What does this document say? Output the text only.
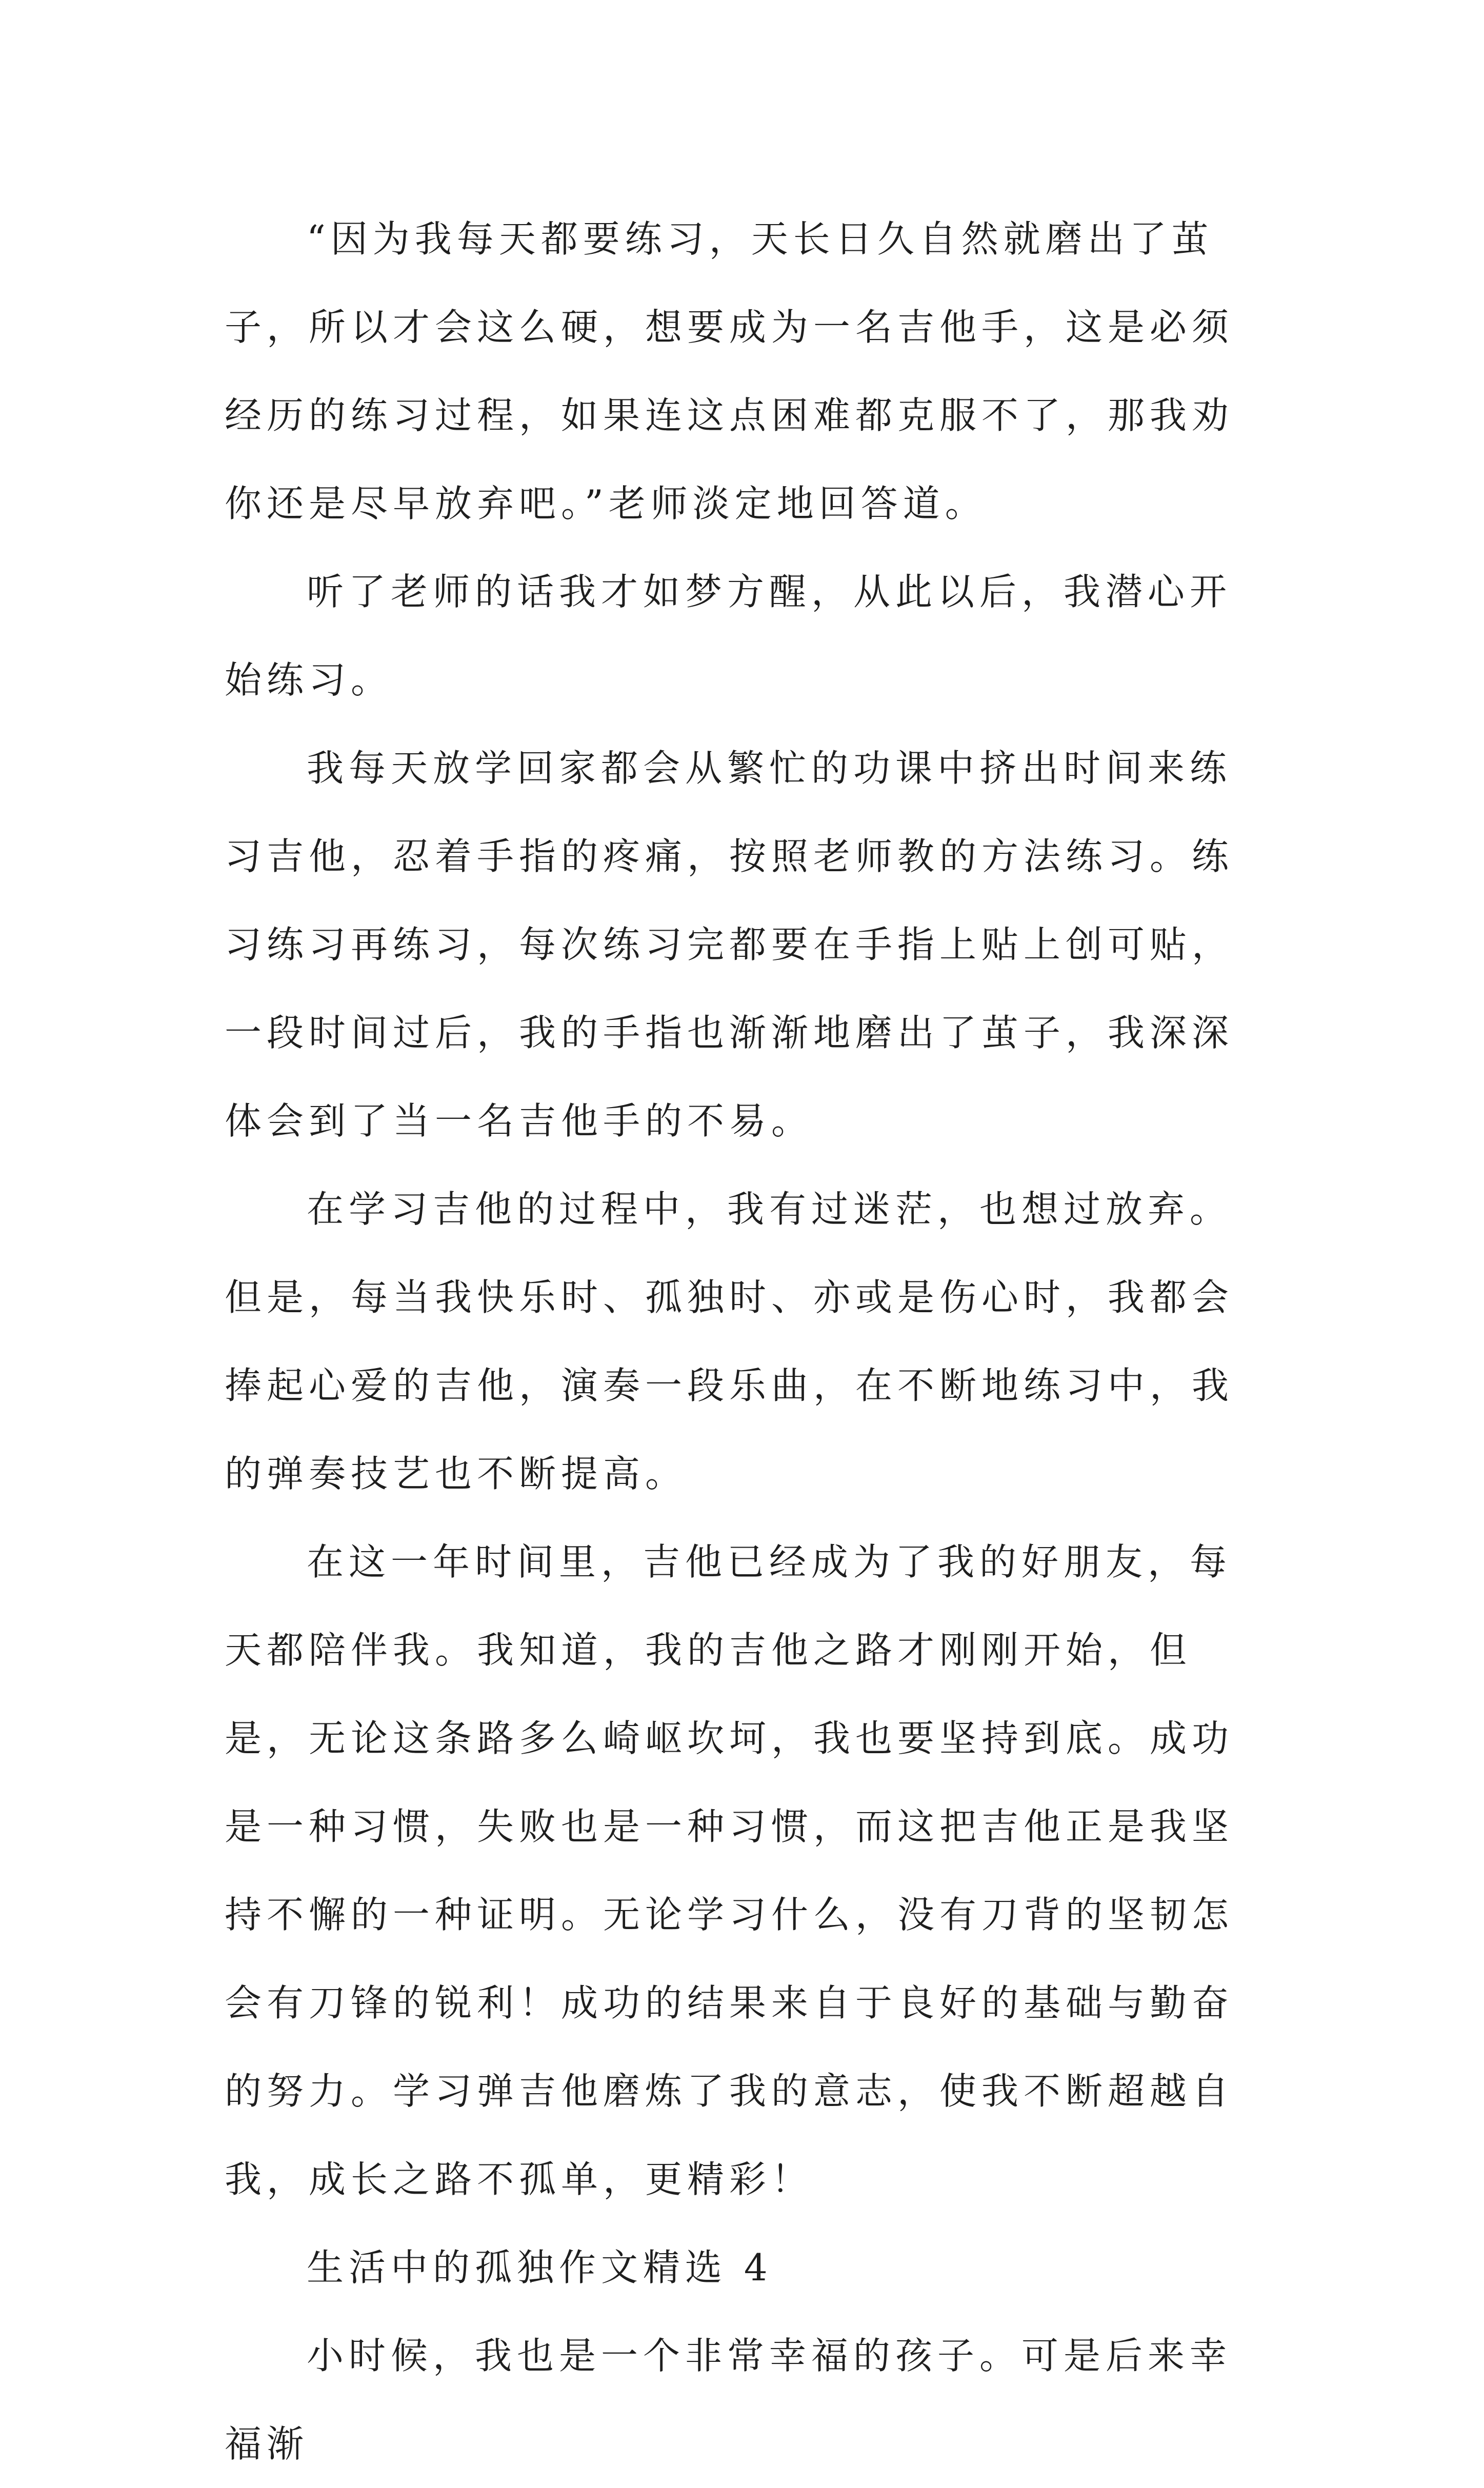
“因为我每天都要练习，天长日久自然就磨出了茧子，所以才会这么硬，想要成为一名吉他手，这是必须经历的练习过程，如果连这点困难都克服不了，那我劝你还是尽早放弃吧。”老师淡定地回答道。

听了老师的话我才如梦方醒，从此以后，我潜心开始练习。

我每天放学回家都会从繁忙的功课中挤出时间来练习吉他，忍着手指的疼痛，按照老师教的方法练习。练习练习再练习，每次练习完都要在手指上贴上创可贴，一段时间过后，我的手指也渐渐地磨出了茧子，我深深体会到了当一名吉他手的不易。

在学习吉他的过程中，我有过迷茫，也想过放弃。但是，每当我快乐时、孤独时、亦或是伤心时，我都会捧起心爱的吉他，演奏一段乐曲，在不断地练习中，我的弹奏技艺也不断提高。

在这一年时间里，吉他已经成为了我的好朋友，每天都陪伴我。我知道，我的吉他之路才刚刚开始，但是，无论这条路多么崎岖坎坷，我也要坚持到底。成功是一种习惯，失败也是一种习惯，而这把吉他正是我坚持不懈的一种证明。无论学习什么，没有刀背的坚韧怎会有刀锋的锐利！成功的结果来自于良好的基础与勤奋的努力。学习弹吉他磨炼了我的意志，使我不断超越自我，成长之路不孤单，更精彩！

生活中的孤独作文精选 4

小时候，我也是一个非常幸福的孩子。可是后来幸福渐
